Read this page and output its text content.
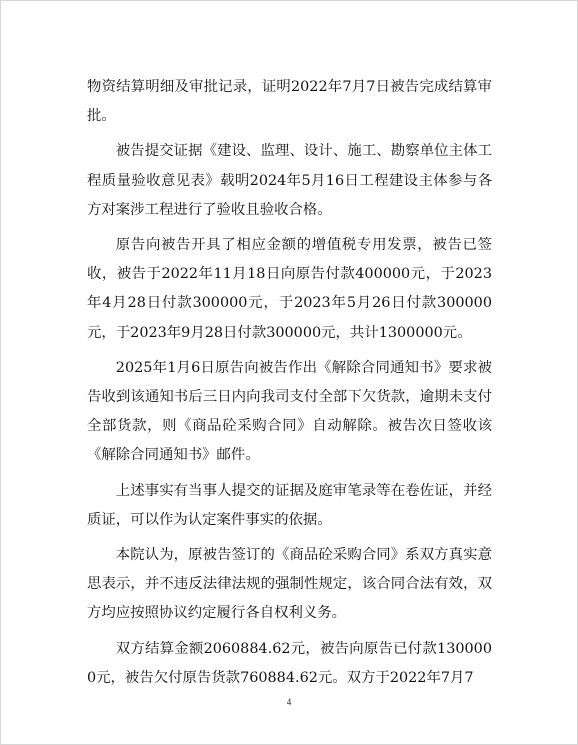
物资结算明细及审批记录，证明2022年7月7日被告完成结算审批。

被告提交证据《建设、监理、设计、施工、勘察单位主体工程质量验收意见表》载明2024年5月16日工程建设主体参与各方对案涉工程进行了验收且验收合格。

原告向被告开具了相应金额的增值税专用发票，被告已签收，被告于2022年11月18日向原告付款400000元，于2023年4月28日付款300000元，于2023年5月26日付款300000元，于2023年9月28日付款300000元，共计1300000元。

2025年1月6日原告向被告作出《解除合同通知书》要求被告收到该通知书后三日内向我司支付全部下欠货款，逾期未支付全部货款，则《商品砼采购合同》自动解除。被告次日签收该《解除合同通知书》邮件。

上述事实有当事人提交的证据及庭审笔录等在卷佐证，并经质证，可以作为认定案件事实的依据。

本院认为，原被告签订的《商品砼采购合同》系双方真实意思表示，并不违反法律法规的强制性规定，该合同合法有效，双方均应按照协议约定履行各自权利义务。

双方结算金额2060884.62元，被告向原告已付款1300000元，被告欠付原告货款760884.62元。双方于2022年7月7

4
